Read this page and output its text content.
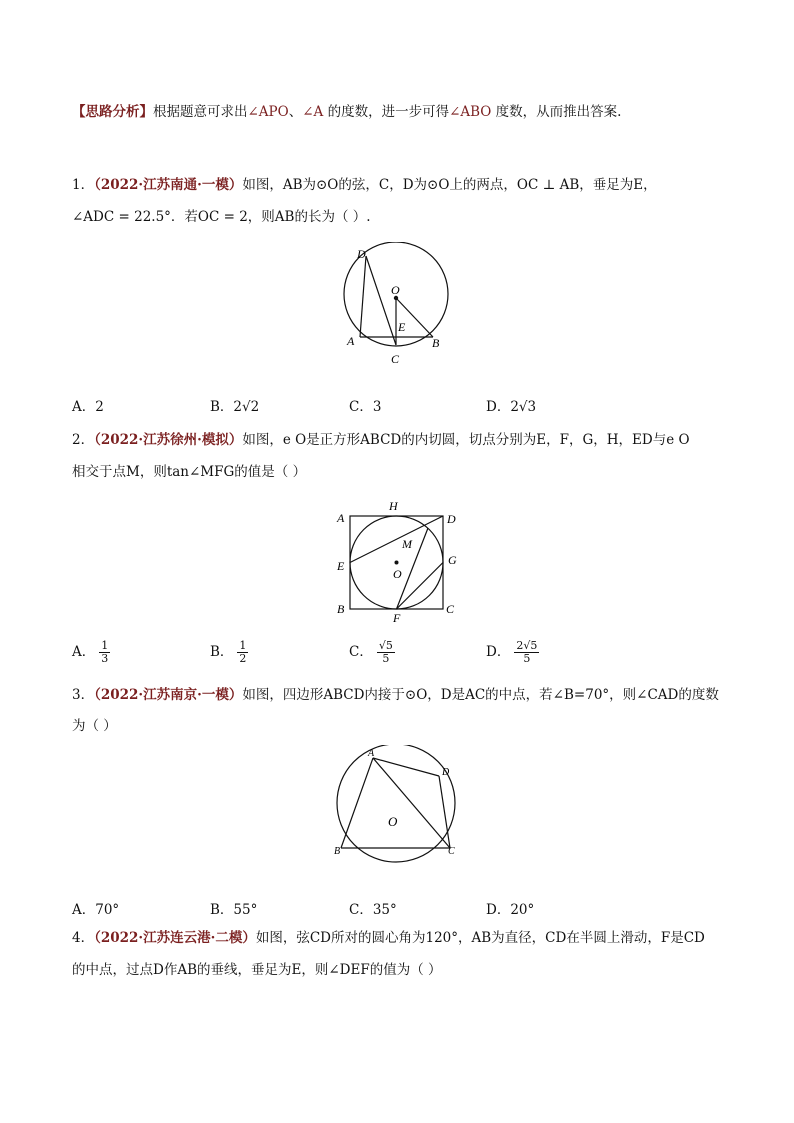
【思路分析】根据题意可求出∠APO、∠A 的度数，进一步可得∠ABO 度数，从而推出答案.
1．（2022·江苏南通·一模）如图，AB为⊙O的弦，C，D为⊙O上的两点，OC ⊥ AB，垂足为E，
∠ADC = 22.5°．若OC = 2，则AB的长为（ ）.
D
O
E
A
C
B
A．2	B．2√2	C．3	D．2√3
2．（2022·江苏徐州·模拟）如图，e O是正方形ABCD的内切圆，切点分别为E，F，G，H，ED与e O
相交于点M，则tan∠MFG的值是（ ）
A
H
D
M
E	G
O
B
F
C
A． $\frac{1}{3}$	B． $\frac{1}{2}$	C． $\frac{√5}{5}$	D． $\frac{2√5}{5}$
3．（2022·江苏南京·一模）如图，四边形ABCD内接于⊙O，D是AC的中点，若∠B=70°，则∠CAD的度数
为（ ）
A
D
O
B	C
A．70°	B．55°	C．35°	D．20°
4．（2022·江苏连云港·二模）如图，弦CD所对的圆心角为120°，AB为直径，CD在半圆上滑动，F是CD
的中点，过点D作AB的垂线，垂足为E，则∠DEF的值为（ ）
